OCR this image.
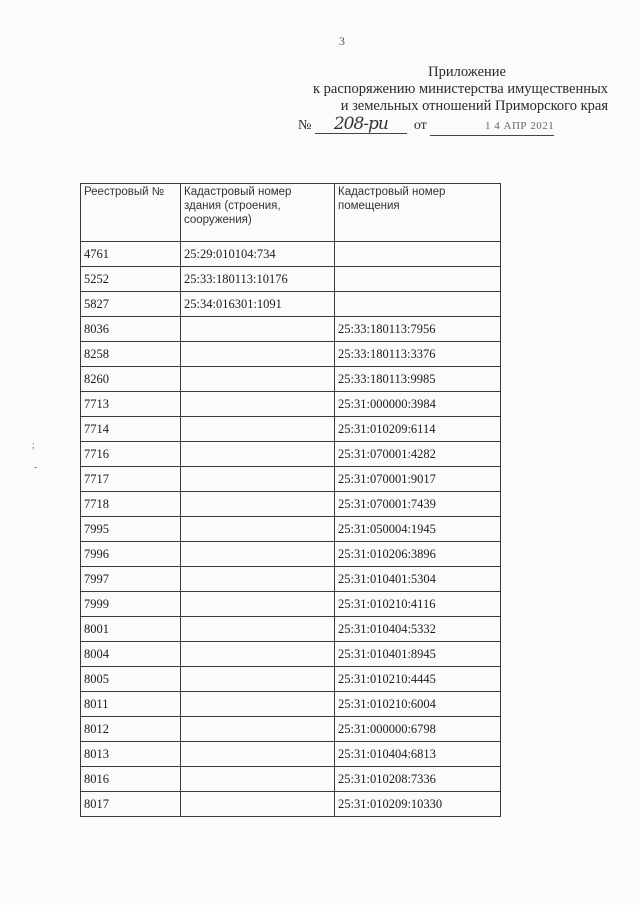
3
Приложение
к распоряжению министерства имущественных
и земельных отношений Приморского края
№ 208-ри от	1 4 АПР 2021
Реестровый №	Кадастровый номер здания (строения, сооружения)	Кадастровый номер помещения
4761	25:29:010104:734	
5252	25:33:180113:10176	
5827	25:34:016301:1091	
8036		25:33:180113:7956
8258		25:33:180113:3376
8260		25:33:180113:9985
7713		25:31:000000:3984
7714		25:31:010209:6114
7716		25:31:070001:4282
7717		25:31:070001:9017
7718		25:31:070001:7439
7995		25:31:050004:1945
7996		25:31:010206:3896
7997		25:31:010401:5304
7999		25:31:010210:4116
8001		25:31:010404:5332
8004		25:31:010401:8945
8005		25:31:010210:4445
8011		25:31:010210:6004
8012		25:31:000000:6798
8013		25:31:010404:6813
8016		25:31:010208:7336
8017		25:31:010209:10330
;
-
